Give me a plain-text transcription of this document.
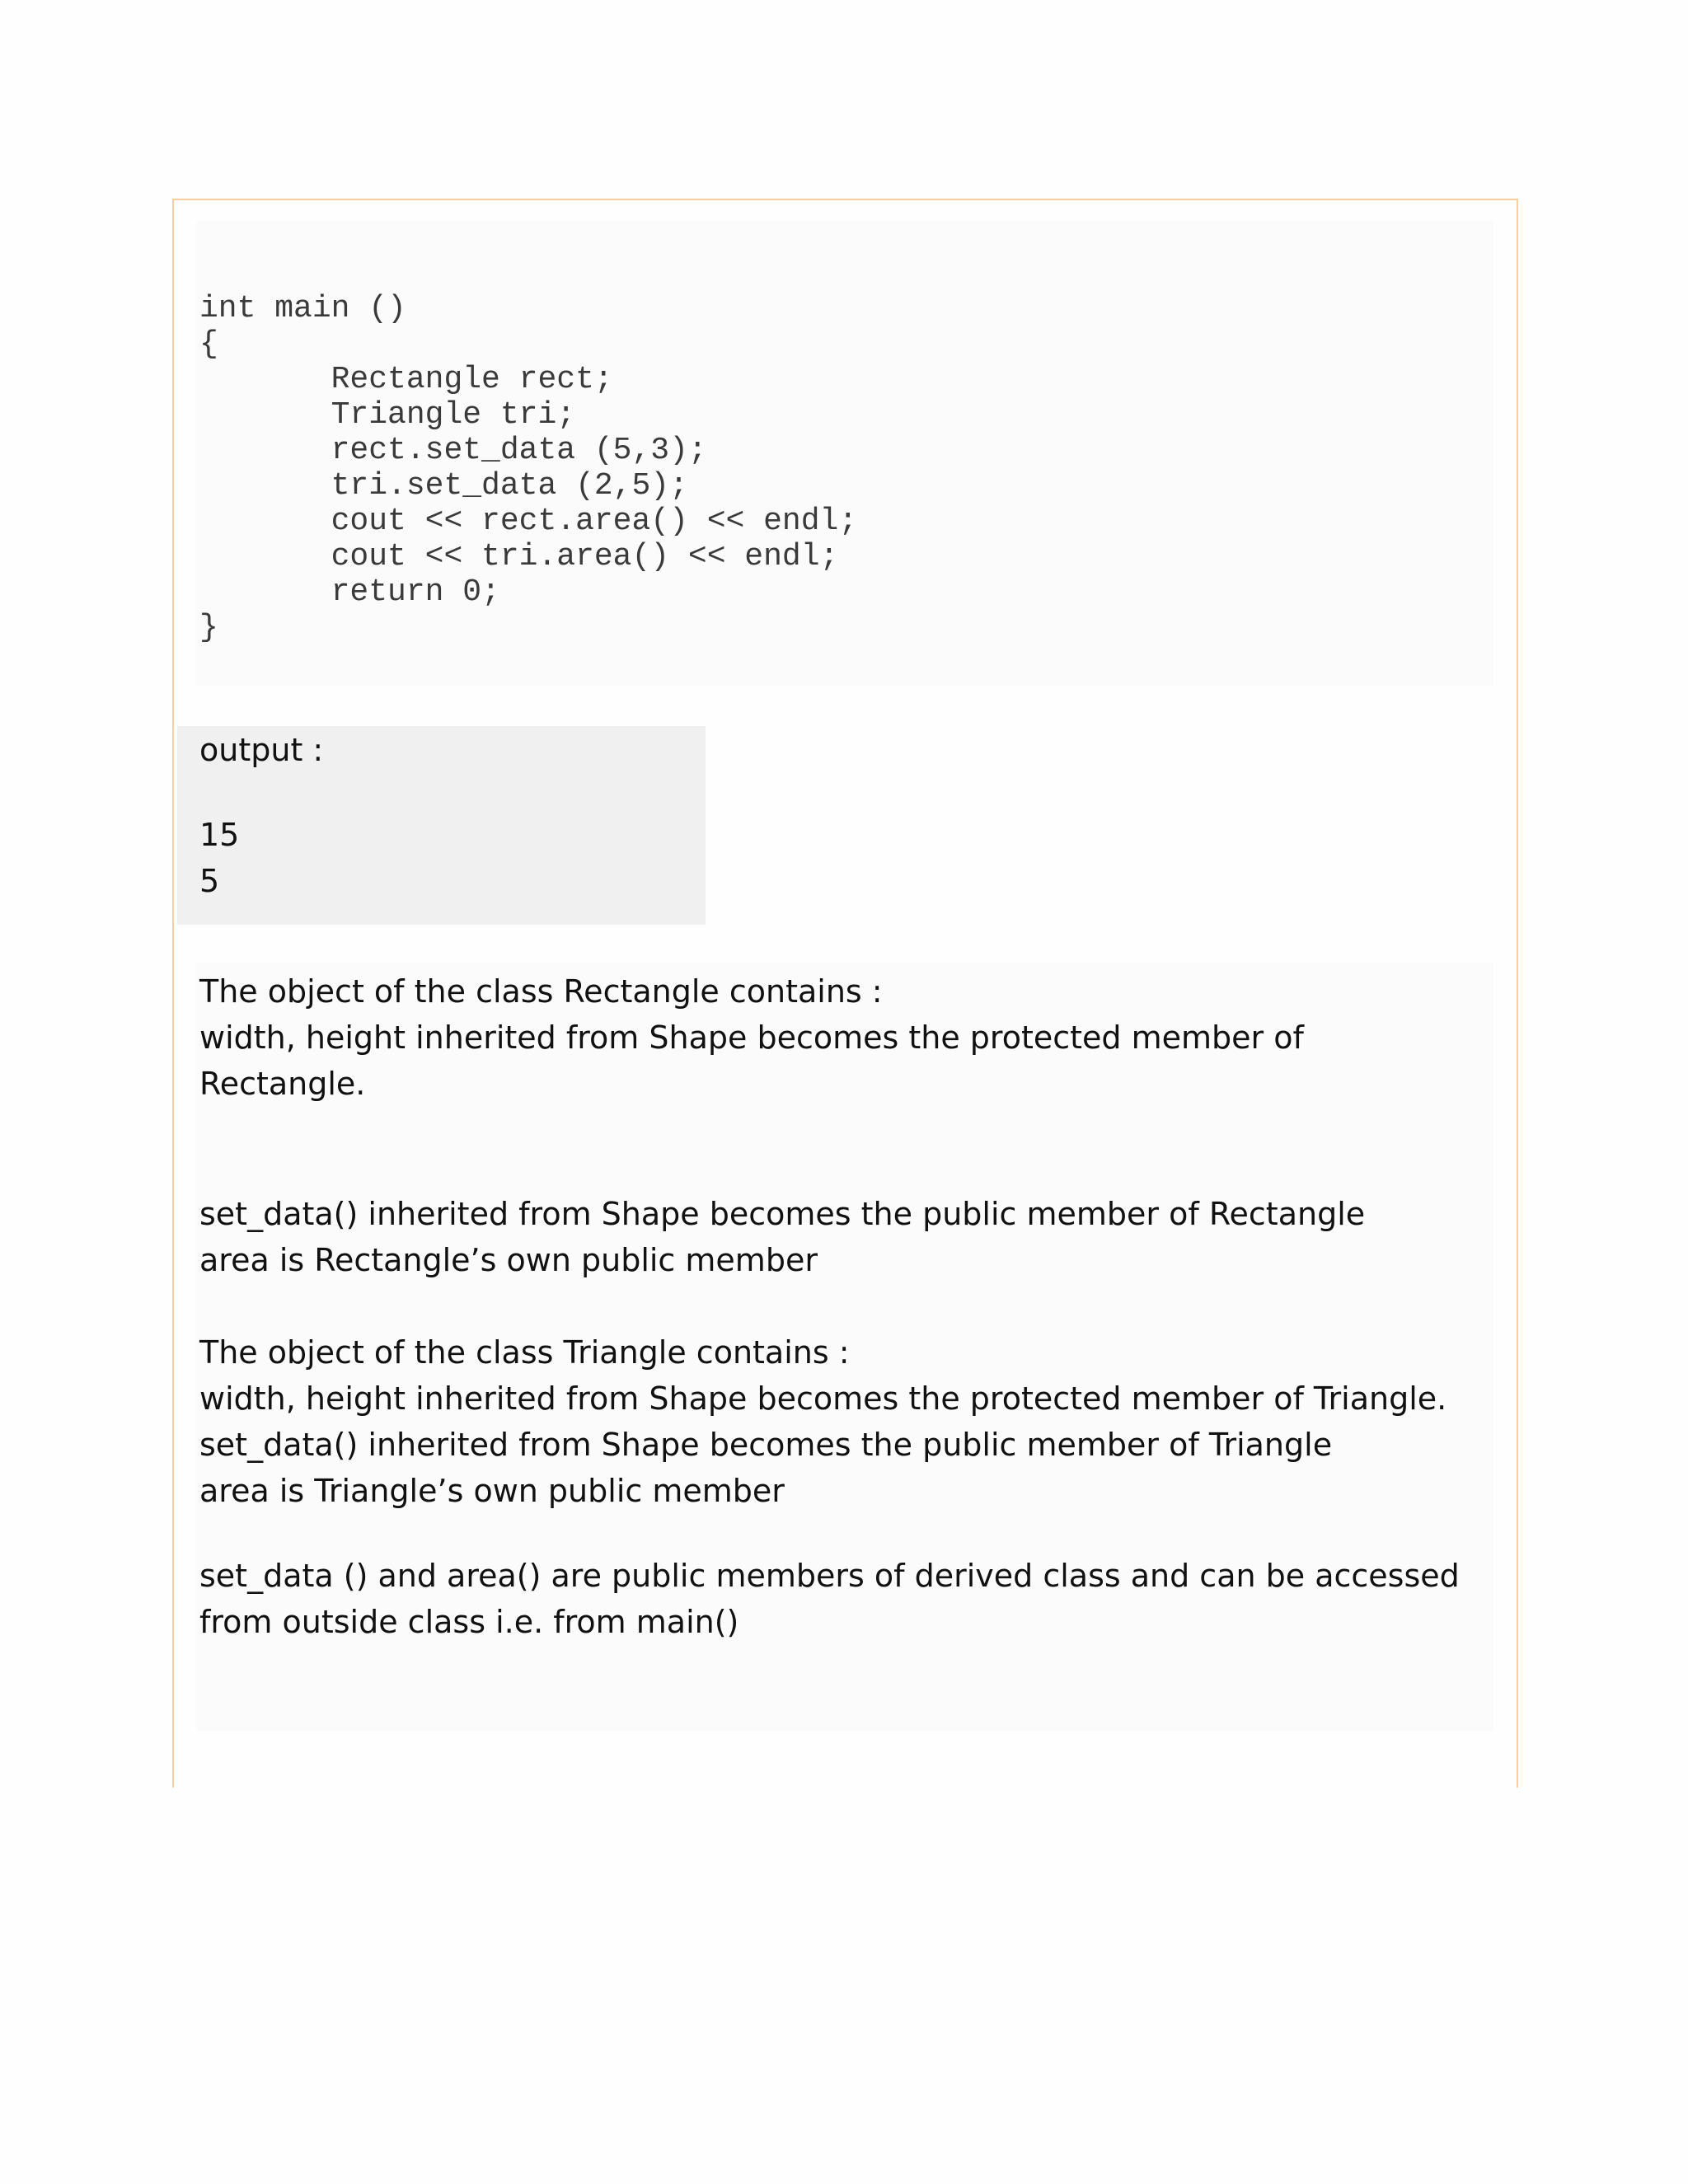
int main ()
{
Rectangle rect;
Triangle tri;
rect.set_data (5,3);
tri.set_data (2,5);
cout << rect.area() << endl;
cout << tri.area() << endl;
return 0;
}

output :

15

5

The object of the class Rectangle contains :

width, height inherited from Shape becomes the protected member of

Rectangle.

set_data() inherited from Shape becomes the public member of Rectangle

area is Rectangle’s own public member

The object of the class Triangle contains :

width, height inherited from Shape becomes the protected member of Triangle.

set_data() inherited from Shape becomes the public member of Triangle

area is Triangle’s own public member

set_data () and area() are public members of derived class and can be accessed

from outside class i.e. from main()
